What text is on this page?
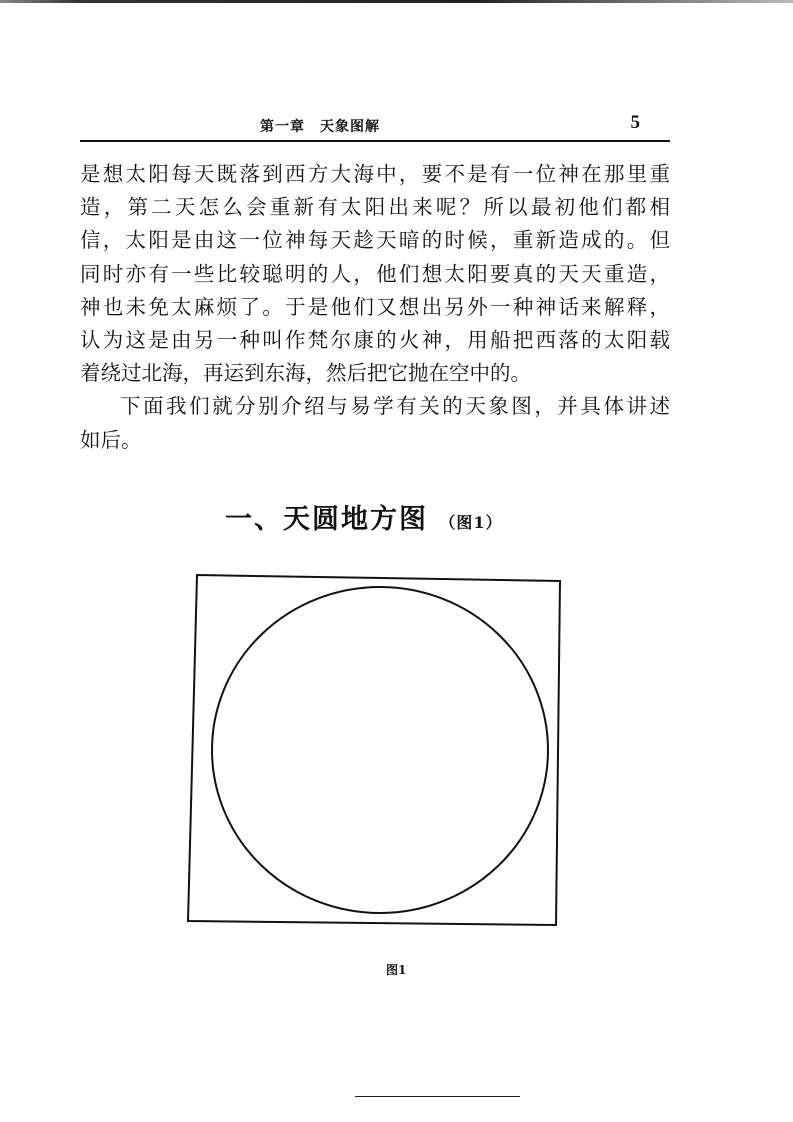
第一章　天象图解	5
是想太阳每天既落到西方大海中，要不是有一位神在那里重
造，第二天怎么会重新有太阳出来呢？所以最初他们都相
信，太阳是由这一位神每天趁天暗的时候，重新造成的。但
同时亦有一些比较聪明的人，他们想太阳要真的天天重造，
神也未免太麻烦了。于是他们又想出另外一种神话来解释，
认为这是由另一种叫作梵尔康的火神，用船把西落的太阳载
着绕过北海，再运到东海，然后把它抛在空中的。
下面我们就分别介绍与易学有关的天象图，并具体讲述
如后。
一、天圆地方图 （图1）
图1
